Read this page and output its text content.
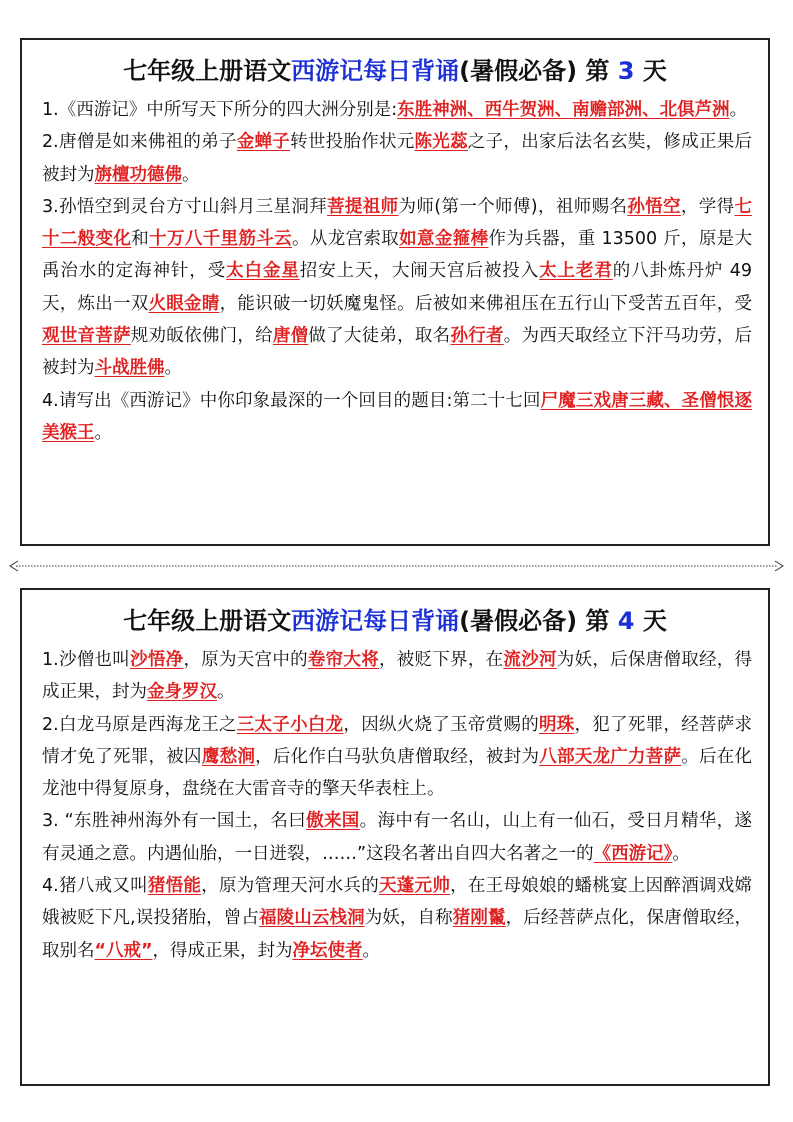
七年级上册语文西游记每日背诵(暑假必备) 第 3 天
1.《西游记》中所写天下所分的四大洲分别是:东胜神洲、西牛贺洲、南赡部洲、北俱芦洲。
2.唐僧是如来佛祖的弟子金蝉子转世投胎作状元陈光蕊之子，出家后法名玄奘，修成正果后被封为旃檀功德佛。
3.孙悟空到灵台方寸山斜月三星洞拜菩提祖师为师(第一个师傅)，祖师赐名孙悟空，学得七十二般变化和十万八千里筋斗云。从龙宫索取如意金箍棒作为兵器，重 13500 斤，原是大禹治水的定海神针，受太白金星招安上天，大闹天宫后被投入太上老君的八卦炼丹炉 49 天，炼出一双火眼金睛，能识破一切妖魔鬼怪。后被如来佛祖压在五行山下受苦五百年，受观世音菩萨规劝皈依佛门，给唐僧做了大徒弟，取名孙行者。为西天取经立下汗马功劳，后被封为斗战胜佛。
4.请写出《西游记》中你印象最深的一个回目的题目:第二十七回尸魔三戏唐三藏、圣僧恨逐美猴王。
七年级上册语文西游记每日背诵(暑假必备) 第 4 天
1.沙僧也叫沙悟净，原为天宫中的卷帘大将，被贬下界，在流沙河为妖，后保唐僧取经，得成正果，封为金身罗汉。
2.白龙马原是西海龙王之三太子小白龙，因纵火烧了玉帝赏赐的明珠，犯了死罪，经菩萨求情才免了死罪，被囚鹰愁涧，后化作白马驮负唐僧取经，被封为八部天龙广力菩萨。后在化龙池中得复原身，盘绕在大雷音寺的擎天华表柱上。
3. “东胜神州海外有一国土，名曰傲来国。海中有一名山，山上有一仙石，受日月精华，遂有灵通之意。内遇仙胎，一日迸裂，……”这段名著出自四大名著之一的《西游记》。
4.猪八戒又叫猪悟能，原为管理天河水兵的天蓬元帅，在王母娘娘的蟠桃宴上因醉酒调戏嫦娥被贬下凡,误投猪胎，曾占福陵山云栈洞为妖，自称猪刚鬣，后经菩萨点化，保唐僧取经，取别名“八戒”，得成正果，封为净坛使者。
